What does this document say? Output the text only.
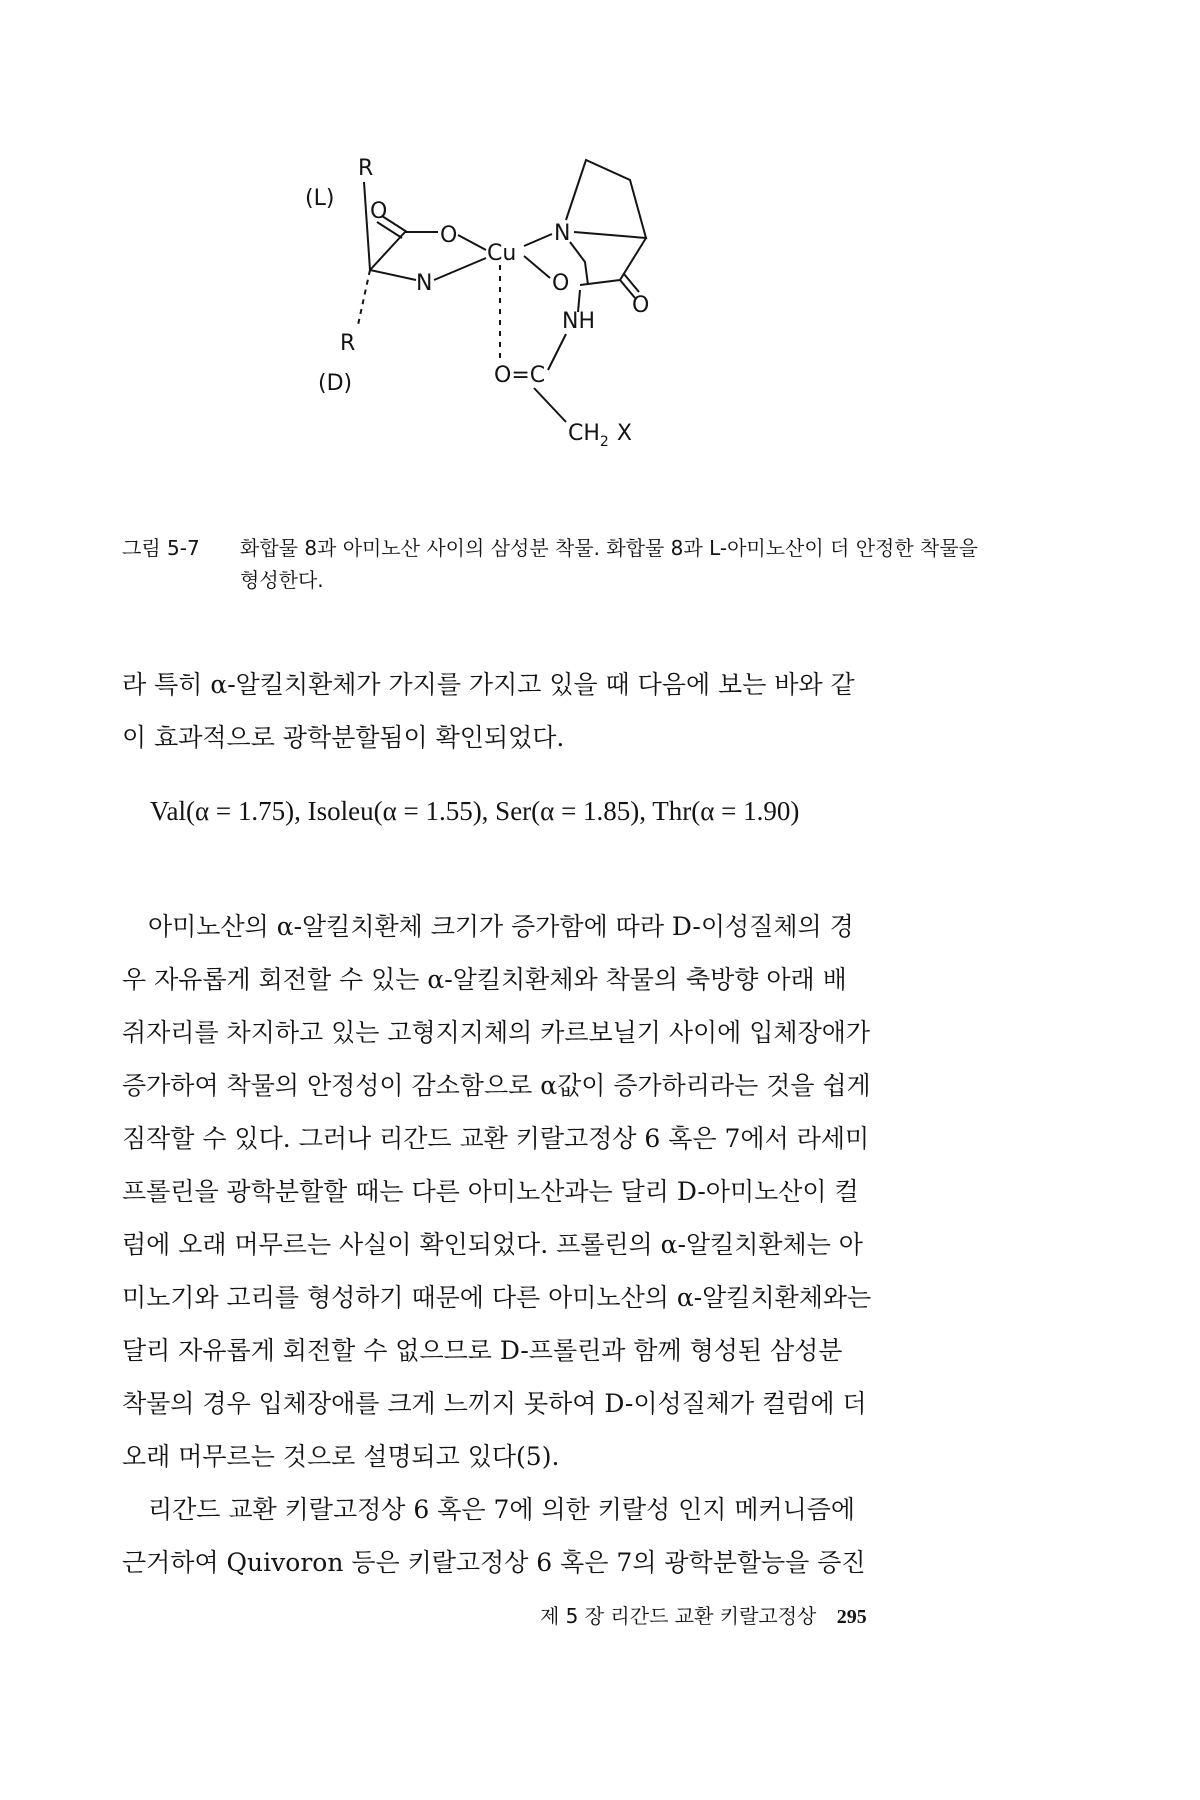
(L)
R
O
O
N
Cu
N
O
O
NH
R
(D)	O=C
$CH_2$ X
그림 5-7	화합물 8과 아미노산 사이의 삼성분 착물. 화합물 8과 L-아미노산이 더 안정한 착물을 형성한다.
라 특히 α-알킬치환체가 가지를 가지고 있을 때 다음에 보는 바와 같
이 효과적으로 광학분할됨이 확인되었다.
Val(α = 1.75), Isoleu(α = 1.55), Ser(α = 1.85), Thr(α = 1.90)
아미노산의 α-알킬치환체 크기가 증가함에 따라 D-이성질체의 경
우 자유롭게 회전할 수 있는 α-알킬치환체와 착물의 축방향 아래 배
쥐자리를 차지하고 있는 고형지지체의 카르보닐기 사이에 입체장애가
증가하여 착물의 안정성이 감소함으로 α값이 증가하리라는 것을 쉽게
짐작할 수 있다. 그러나 리간드 교환 키랄고정상 6 혹은 7에서 라세미
프롤린을 광학분할할 때는 다른 아미노산과는 달리 D-아미노산이 컬
럼에 오래 머무르는 사실이 확인되었다. 프롤린의 α-알킬치환체는 아
미노기와 고리를 형성하기 때문에 다른 아미노산의 α-알킬치환체와는
달리 자유롭게 회전할 수 없으므로 D-프롤린과 함께 형성된 삼성분
착물의 경우 입체장애를 크게 느끼지 못하여 D-이성질체가 컬럼에 더
오래 머무르는 것으로 설명되고 있다(5).
리간드 교환 키랄고정상 6 혹은 7에 의한 키랄성 인지 메커니즘에
근거하여 Quivoron 등은 키랄고정상 6 혹은 7의 광학분할능을 증진
제 5 장 리간드 교환 키랄고정상 295
